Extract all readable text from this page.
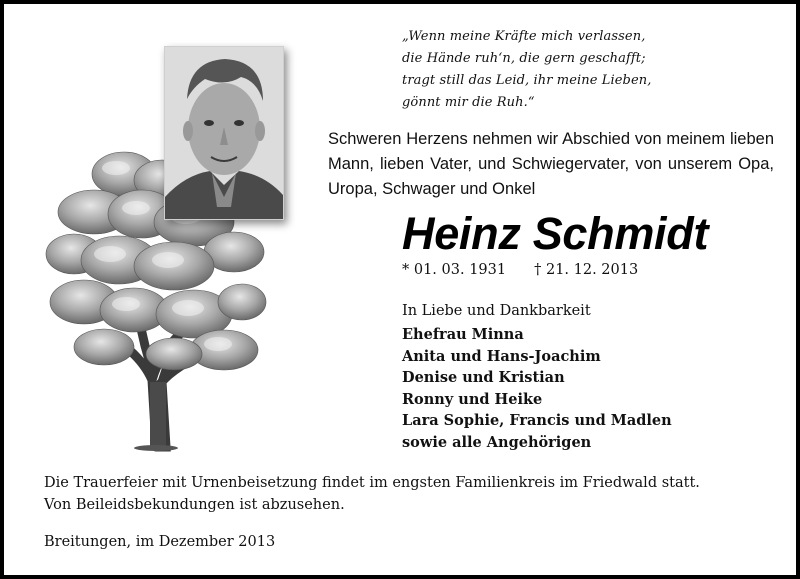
„Wenn meine Kräfte mich verlassen,
die Hände ruh‘n, die gern geschafft;
tragt still das Leid, ihr meine Lieben,
gönnt mir die Ruh.“
Schweren Herzens nehmen wir Abschied von meinem lieben Mann, lieben Vater, und Schwiegervater, von unserem Opa, Uropa, Schwager und Onkel
Heinz Schmidt
* 01. 03. 1931 † 21. 12. 2013
In Liebe und Dankbarkeit
Ehefrau Minna
Anita und Hans-Joachim
Denise und Kristian
Ronny und Heike
Lara Sophie, Francis und Madlen
sowie alle Angehörigen
Die Trauerfeier mit Urnenbeisetzung findet im engsten Familienkreis im Friedwald statt.
Von Beileidsbekundungen ist abzusehen.
Breitungen, im Dezember 2013
